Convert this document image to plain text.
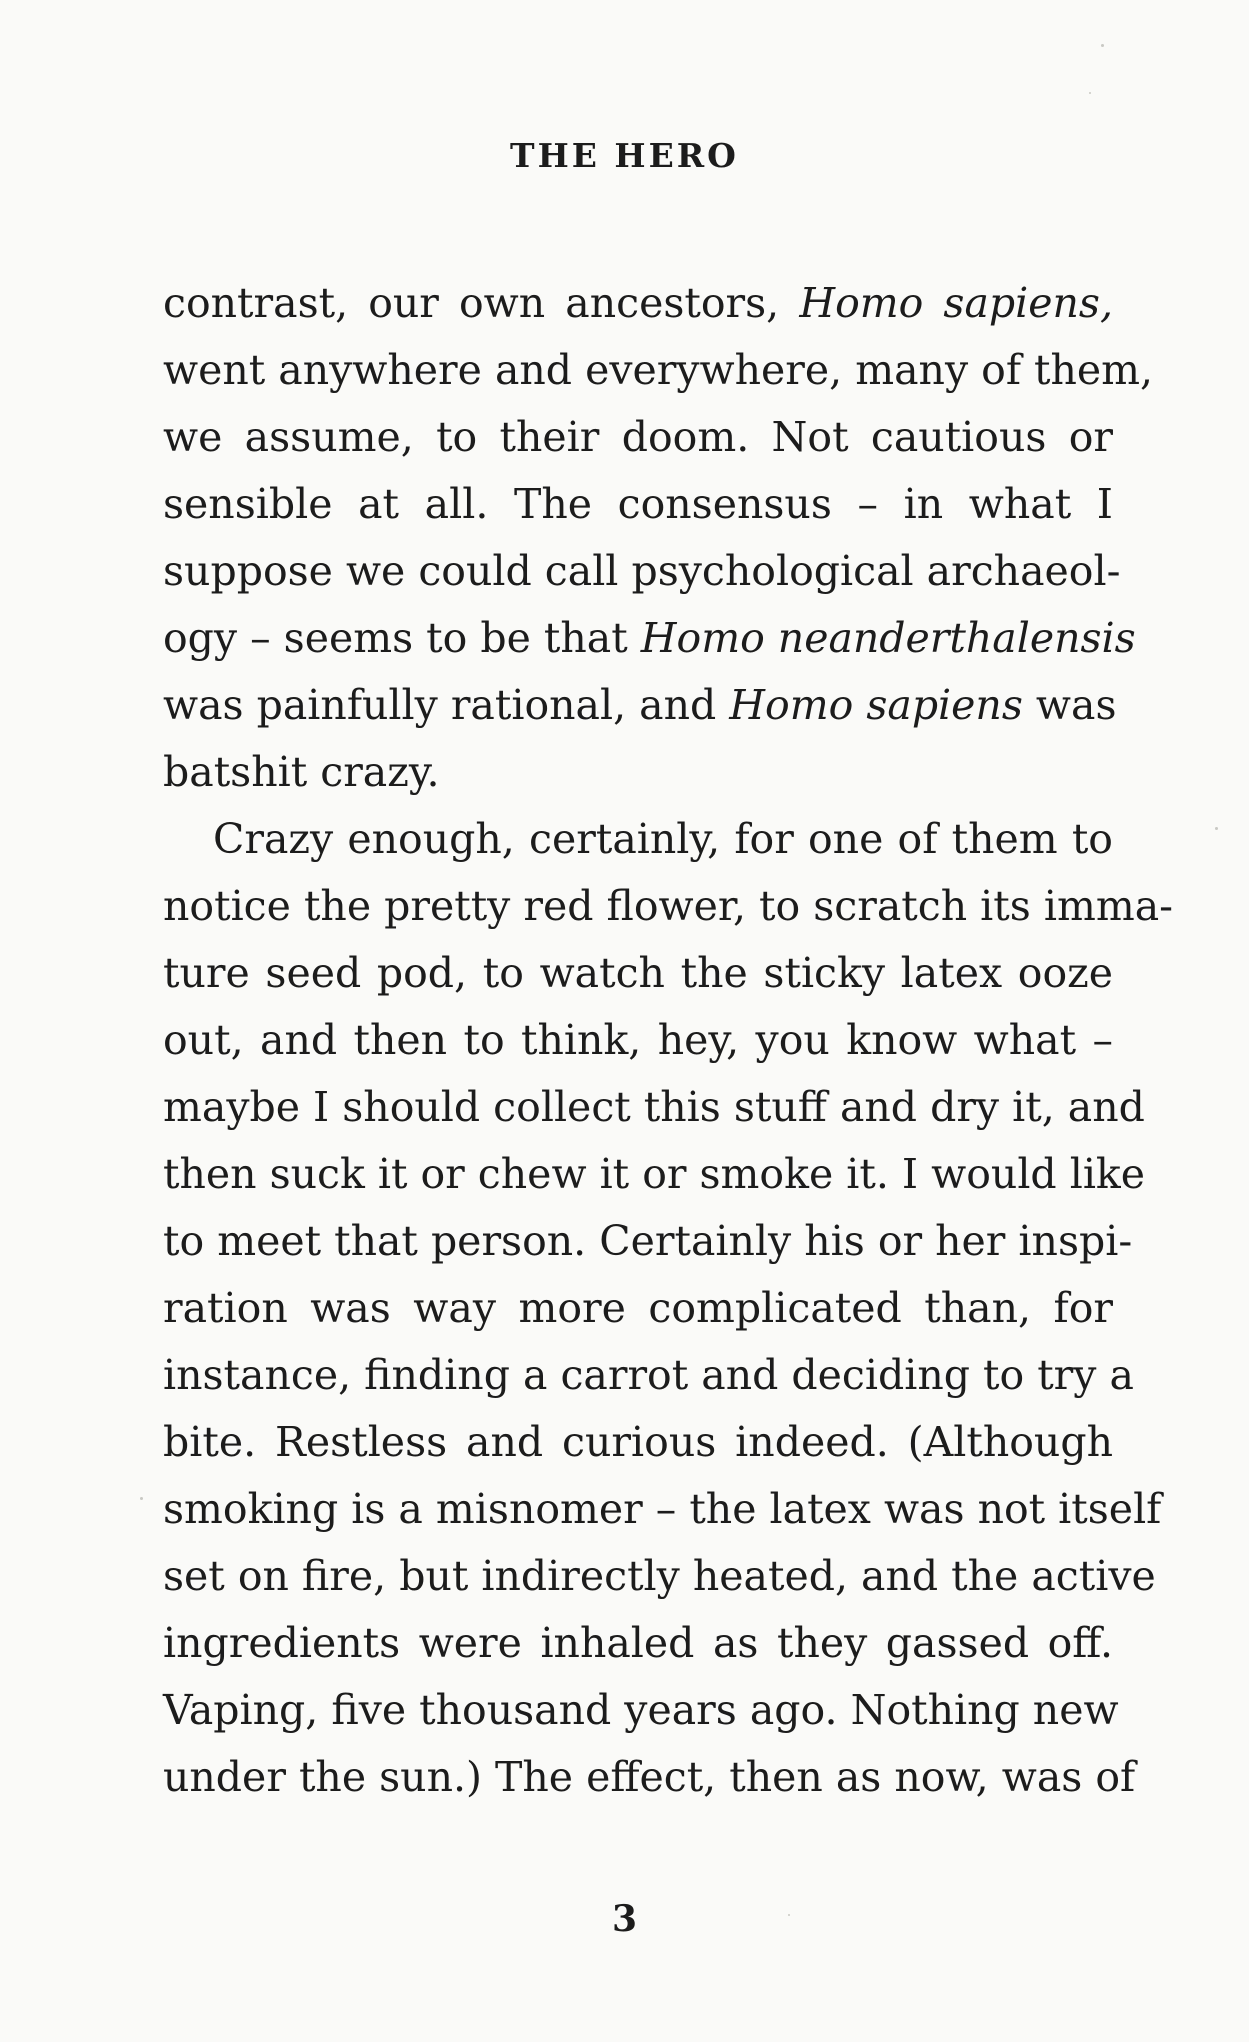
THE HERO
contrast, our own ancestors, Homo sapiens,
went anywhere and everywhere, many of them,
we assume, to their doom. Not cautious or
sensible at all. The consensus – in what I
suppose we could call psychological archaeol-
ogy – seems to be that Homo neanderthalensis
was painfully rational, and Homo sapiens was
batshit crazy.
Crazy enough, certainly, for one of them to
notice the pretty red flower, to scratch its imma-
ture seed pod, to watch the sticky latex ooze
out, and then to think, hey, you know what –
maybe I should collect this stuff and dry it, and
then suck it or chew it or smoke it. I would like
to meet that person. Certainly his or her inspi-
ration was way more complicated than, for
instance, finding a carrot and deciding to try a
bite. Restless and curious indeed. (Although
smoking is a misnomer – the latex was not itself
set on fire, but indirectly heated, and the active
ingredients were inhaled as they gassed off.
Vaping, five thousand years ago. Nothing new
under the sun.) The effect, then as now, was of
3
